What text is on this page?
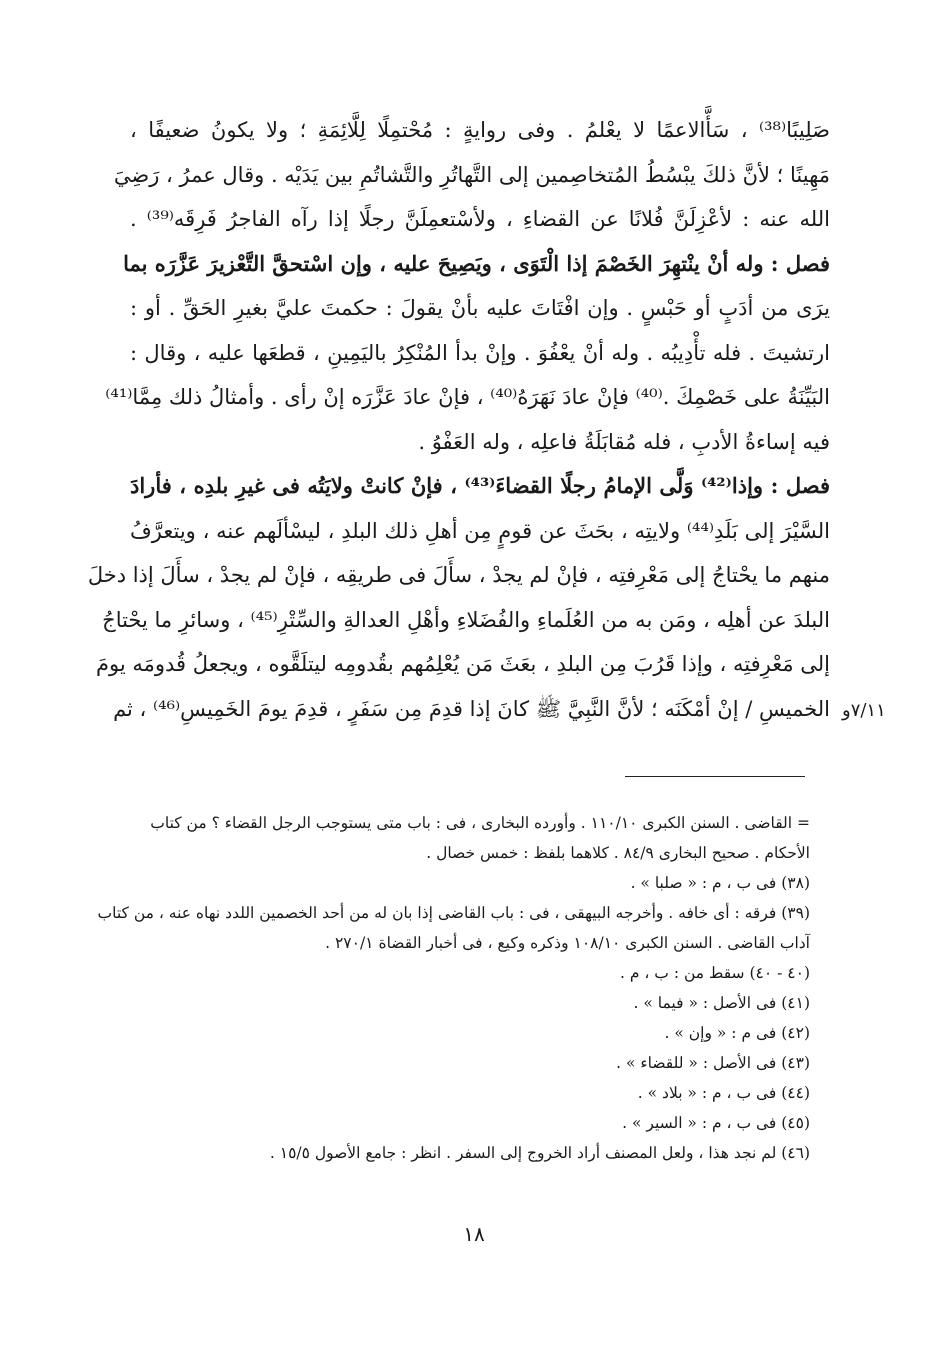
صَلِيبًا⁽³⁸⁾ ، سَأَّالاعمًا لا يعْلمُ . وفى روايةٍ : مُحْتمِلًا لِلَّائِمَةِ ؛ ولا يكونُ ضعيفًا ،
مَهِينًا ؛ لأنَّ ذلكَ يبْسُطُ المُتخاصِمين إلى التَّهاتُرِ والتَّشاتُمِ بين يَدَيْه . وقال عمرُ ، رَضِيَ
الله عنه : لأعْزِلَنَّ فُلانًا عن القضاءِ ، ولأسْتعمِلَنَّ رجلًا إذا رآه الفاجرُ فَرِقَه⁽³⁹⁾ .
فصل : وله أنْ ينْتهِرَ الخَصْمَ إذا الْتَوَى ، ويَصِيحَ عليه ، وإن اسْتحقَّ التَّعْزيرَ عَزَّرَه بما
يرَى من أدَبٍ أو حَبْسٍ . وإن افْتَاتَ عليه بأنْ يقولَ : حكمتَ عليَّ بغيرِ الحَقِّ . أو :
ارتشيتَ . فله تأْدِيبُه . وله أنْ يعْفُوَ . وإنْ بدأ المُنْكِرُ باليَمِينِ ، قطعَها عليه ، وقال :
البَيِّنَةُ على خَصْمِكَ .⁽⁴⁰⁾ فإنْ عادَ نَهَرَهُ⁽⁴⁰⁾ ، فإنْ عادَ عَزَّرَه إنْ رأى . وأمثالُ ذلك مِمَّا⁽⁴¹⁾
فيه إساءةُ الأدبِ ، فله مُقابَلَةُ فاعلِه ، وله العَفْوُ .
فصل : وإذا⁽⁴²⁾ وَلَّى الإمامُ رجلًا القضاءَ⁽⁴³⁾ ، فإنْ كانتْ ولايَتُه فى غيرِ بلدِه ، فأرادَ
السَّيْرَ إلى بَلَدِ⁽⁴⁴⁾ ولايتِه ، بحَثَ عن قومٍ مِن أهلِ ذلك البلدِ ، ليسْألَهم عنه ، ويتعرَّفُ
منهم ما يحْتاجُ إلى مَعْرِفتِه ، فإنْ لم يجدْ ، سأَلَ فى طريقِه ، فإنْ لم يجدْ ، سأَلَ إذا دخلَ
البلدَ عن أهلِه ، ومَن به من العُلَماءِ والفُضَلاءِ وأهْلِ العدالةِ والسِّتْرِ⁽⁴⁵⁾ ، وسائرِ ما يحْتاجُ
إلى مَعْرِفتِه ، وإذا قَرُبَ مِن البلدِ ، بعَثَ مَن يُعْلِمُهم بقُدومِه ليتلَقَّوه ، ويجعلُ قُدومَه يومَ
الخميسِ / إنْ أمْكَنَه ؛ لأنَّ النَّبِيَّ ﷺ كانَ إذا قدِمَ مِن سَفَرٍ ، قدِمَ يومَ الخَمِيسِ⁽⁴⁶⁾ ، ثم ٧/١١و
= القاضى . السنن الكبرى ١١٠/١٠ . وأورده البخارى ، فى : باب متى يستوجب الرجل القضاء ؟ من كتاب
الأحكام . صحيح البخارى ٨٤/٩ . كلاهما بلفظ : خمس خصال .
(٣٨) فى ب ، م : « صلبا » .
(٣٩) فرقه : أى خافه . وأخرجه البيهقى ، فى : باب القاضى إذا بان له من أحد الخصمين اللدد نهاه عنه ، من كتاب
آداب القاضى . السنن الكبرى ١٠٨/١٠ وذكره وكيع ، فى أخبار القضاة ٢٧٠/١ .
(٤٠ - ٤٠) سقط من : ب ، م .
(٤١) فى الأصل : « فيما » .
(٤٢) فى م : « وإن » .
(٤٣) فى الأصل : « للقضاء » .
(٤٤) فى ب ، م : « بلاد » .
(٤٥) فى ب ، م : « السير » .
(٤٦) لم نجد هذا ، ولعل المصنف أراد الخروج إلى السفر . انظر : جامع الأصول ١٥/٥ .
١٨
